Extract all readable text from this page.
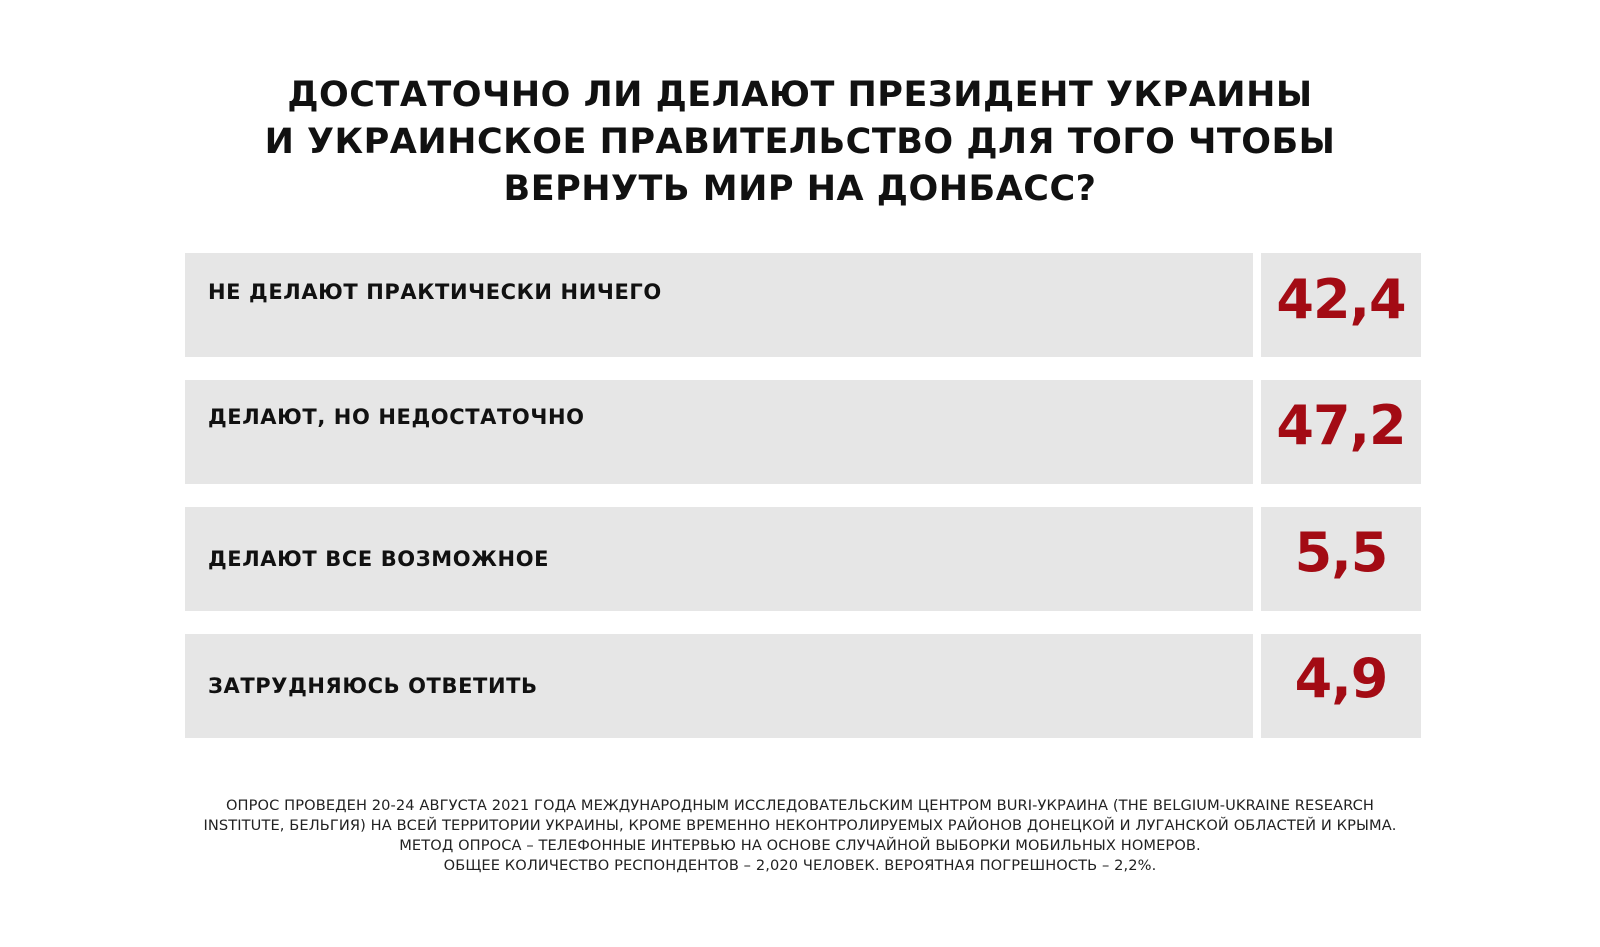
ДОСТАТОЧНО ЛИ ДЕЛАЮТ ПРЕЗИДЕНТ УКРАИНЫ
И УКРАИНСКОЕ ПРАВИТЕЛЬСТВО ДЛЯ ТОГО ЧТОБЫ
ВЕРНУТЬ МИР НА ДОНБАСС?
НЕ ДЕЛАЮТ ПРАКТИЧЕСКИ НИЧЕГО	42,4
ДЕЛАЮТ, НО НЕДОСТАТОЧНО	47,2
ДЕЛАЮТ ВСЕ ВОЗМОЖНОЕ	5,5
ЗАТРУДНЯЮСЬ ОТВЕТИТЬ	4,9
ОПРОС ПРОВЕДЕН 20-24 АВГУСТА 2021 ГОДА МЕЖДУНАРОДНЫМ ИССЛЕДОВАТЕЛЬСКИМ ЦЕНТРОМ BURI-УКРАИНА (THE BELGIUM-UKRAINE RESEARCH
INSTITUTE, БЕЛЬГИЯ) НА ВСЕЙ ТЕРРИТОРИИ УКРАИНЫ, КРОМЕ ВРЕМЕННО НЕКОНТРОЛИРУЕМЫХ РАЙОНОВ ДОНЕЦКОЙ И ЛУГАНСКОЙ ОБЛАСТЕЙ И КРЫМА.
МЕТОД ОПРОСА – ТЕЛЕФОННЫЕ ИНТЕРВЬЮ НА ОСНОВЕ СЛУЧАЙНОЙ ВЫБОРКИ МОБИЛЬНЫХ НОМЕРОВ.
ОБЩЕЕ КОЛИЧЕСТВО РЕСПОНДЕНТОВ – 2,020 ЧЕЛОВЕК. ВЕРОЯТНАЯ ПОГРЕШНОСТЬ – 2,2%.
